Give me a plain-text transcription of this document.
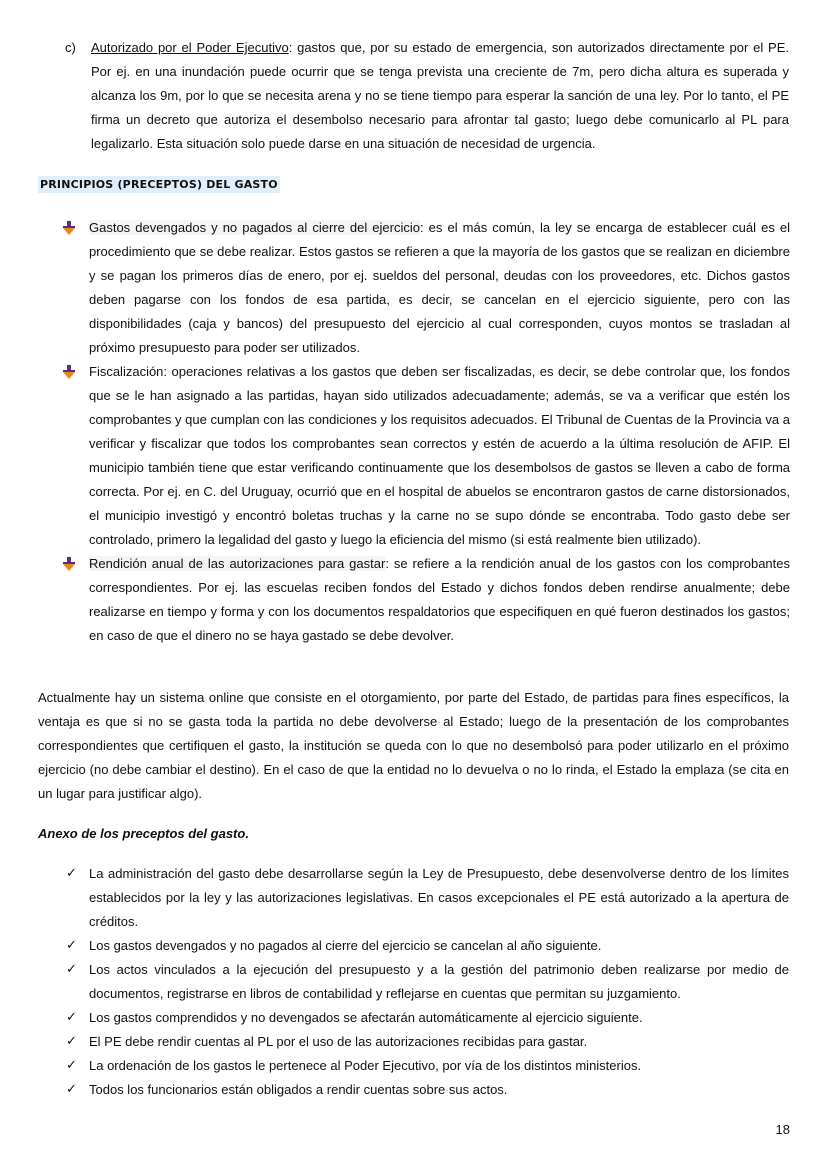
c) Autorizado por el Poder Ejecutivo: gastos que, por su estado de emergencia, son autorizados directamente por el PE. Por ej. en una inundación puede ocurrir que se tenga prevista una creciente de 7m, pero dicha altura es superada y alcanza los 9m, por lo que se necesita arena y no se tiene tiempo para esperar la sanción de una ley. Por lo tanto, el PE firma un decreto que autoriza el desembolso necesario para afrontar tal gasto; luego debe comunicarlo al PL para legalizarlo. Esta situación solo puede darse en una situación de necesidad de urgencia.

PRINCIPIOS (PRECEPTOS) DEL GASTO

Gastos devengados y no pagados al cierre del ejercicio: es el más común, la ley se encarga de establecer cuál es el procedimiento que se debe realizar. Estos gastos se refieren a que la mayoría de los gastos que se realizan en diciembre y se pagan los primeros días de enero, por ej. sueldos del personal, deudas con los proveedores, etc. Dichos gastos deben pagarse con los fondos de esa partida, es decir, se cancelan en el ejercicio siguiente, pero con las disponibilidades (caja y bancos) del presupuesto del ejercicio al cual corresponden, cuyos montos se trasladan al próximo presupuesto para poder ser utilizados.

Fiscalización: operaciones relativas a los gastos que deben ser fiscalizadas, es decir, se debe controlar que, los fondos que se le han asignado a las partidas, hayan sido utilizados adecuadamente; además, se va a verificar que estén los comprobantes y que cumplan con las condiciones y los requisitos adecuados. El Tribunal de Cuentas de la Provincia va a verificar y fiscalizar que todos los comprobantes sean correctos y estén de acuerdo a la última resolución de AFIP. El municipio también tiene que estar verificando continuamente que los desembolsos de gastos se lleven a cabo de forma correcta. Por ej. en C. del Uruguay, ocurrió que en el hospital de abuelos se encontraron gastos de carne distorsionados, el municipio investigó y encontró boletas truchas y la carne no se supo dónde se encontraba. Todo gasto debe ser controlado, primero la legalidad del gasto y luego la eficiencia del mismo (si está realmente bien utilizado).

Rendición anual de las autorizaciones para gastar: se refiere a la rendición anual de los gastos con los comprobantes correspondientes. Por ej. las escuelas reciben fondos del Estado y dichos fondos deben rendirse anualmente; debe realizarse en tiempo y forma y con los documentos respaldatorios que especifiquen en qué fueron destinados los gastos; en caso de que el dinero no se haya gastado se debe devolver.

Actualmente hay un sistema online que consiste en el otorgamiento, por parte del Estado, de partidas para fines específicos, la ventaja es que si no se gasta toda la partida no debe devolverse al Estado; luego de la presentación de los comprobantes correspondientes que certifiquen el gasto, la institución se queda con lo que no desembolsó para poder utilizarlo en el próximo ejercicio (no debe cambiar el destino). En el caso de que la entidad no lo devuelva o no lo rinda, el Estado la emplaza (se cita en un lugar para justificar algo).

Anexo de los preceptos del gasto.
✓ La administración del gasto debe desarrollarse según la Ley de Presupuesto, debe desenvolverse dentro de los límites establecidos por la ley y las autorizaciones legislativas. En casos excepcionales el PE está autorizado a la apertura de créditos.

✓ Los gastos devengados y no pagados al cierre del ejercicio se cancelan al año siguiente.

✓ Los actos vinculados a la ejecución del presupuesto y a la gestión del patrimonio deben realizarse por medio de documentos, registrarse en libros de contabilidad y reflejarse en cuentas que permitan su juzgamiento.

✓ Los gastos comprendidos y no devengados se afectarán automáticamente al ejercicio siguiente.

✓ El PE debe rendir cuentas al PL por el uso de las autorizaciones recibidas para gastar.

✓ La ordenación de los gastos le pertenece al Poder Ejecutivo, por vía de los distintos ministerios.

✓ Todos los funcionarios están obligados a rendir cuentas sobre sus actos.

18
